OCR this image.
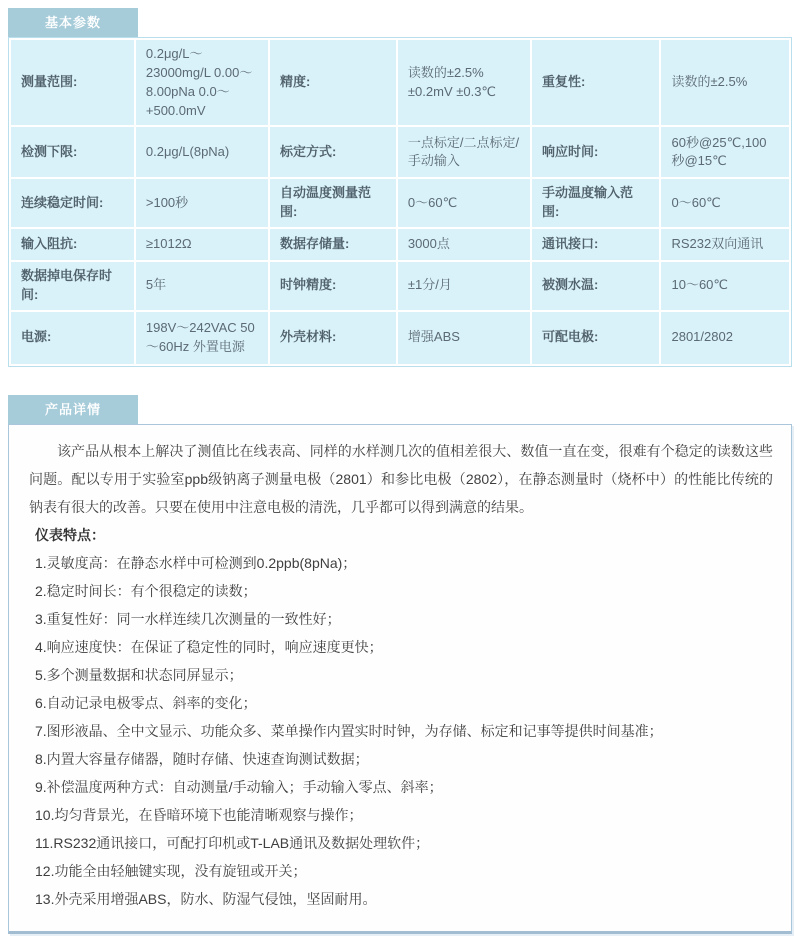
基本参数
测量范围:	0.2μg/L～23000mg/L 0.00～8.00pNa 0.0～+500.0mV	精度:	读数的±2.5% ±0.2mV ±0.3℃	重复性:	读数的±2.5%
检测下限:	0.2μg/L(8pNa)	标定方式:	一点标定/二点标定/手动输入	响应时间:	60秒@25℃,100秒@15℃
连续稳定时间:	>100秒	自动温度测量范围:	0～60℃	手动温度输入范围:	0～60℃
输入阻抗:	≥1012Ω	数据存储量:	3000点	通讯接口:	RS232双向通讯
数据掉电保存时间:	5年	时钟精度:	±1分/月	被测水温:	10～60℃
电源:	198V～242VAC 50～60Hz 外置电源	外壳材料:	增强ABS	可配电极:	2801/2802
产品详情

该产品从根本上解决了测值比在线表高、同样的水样测几次的值相差很大、数值一直在变，很难有个稳定的读数这些问题。配以专用于实验室ppb级钠离子测量电极（2801）和参比电极（2802），在静态测量时（烧杯中）的性能比传统的钠表有很大的改善。只要在使用中注意电极的清洗，几乎都可以得到满意的结果。

仪表特点：
1.灵敏度高：在静态水样中可检测到0.2ppb(8pNa)；
2.稳定时间长：有个很稳定的读数；
3.重复性好：同一水样连续几次测量的一致性好；
4.响应速度快：在保证了稳定性的同时，响应速度更快；
5.多个测量数据和状态同屏显示；
6.自动记录电极零点、斜率的变化；
7.图形液晶、全中文显示、功能众多、菜单操作内置实时时钟，为存储、标定和记事等提供时间基准；
8.内置大容量存储器，随时存储、快速查询测试数据；
9.补偿温度两种方式：自动测量/手动输入；手动输入零点、斜率；
10.均匀背景光，在昏暗环境下也能清晰观察与操作；
11.RS232通讯接口，可配打印机或T-LAB通讯及数据处理软件；
12.功能全由轻触键实现，没有旋钮或开关；
13.外壳采用增强ABS，防水、防湿气侵蚀，坚固耐用。
